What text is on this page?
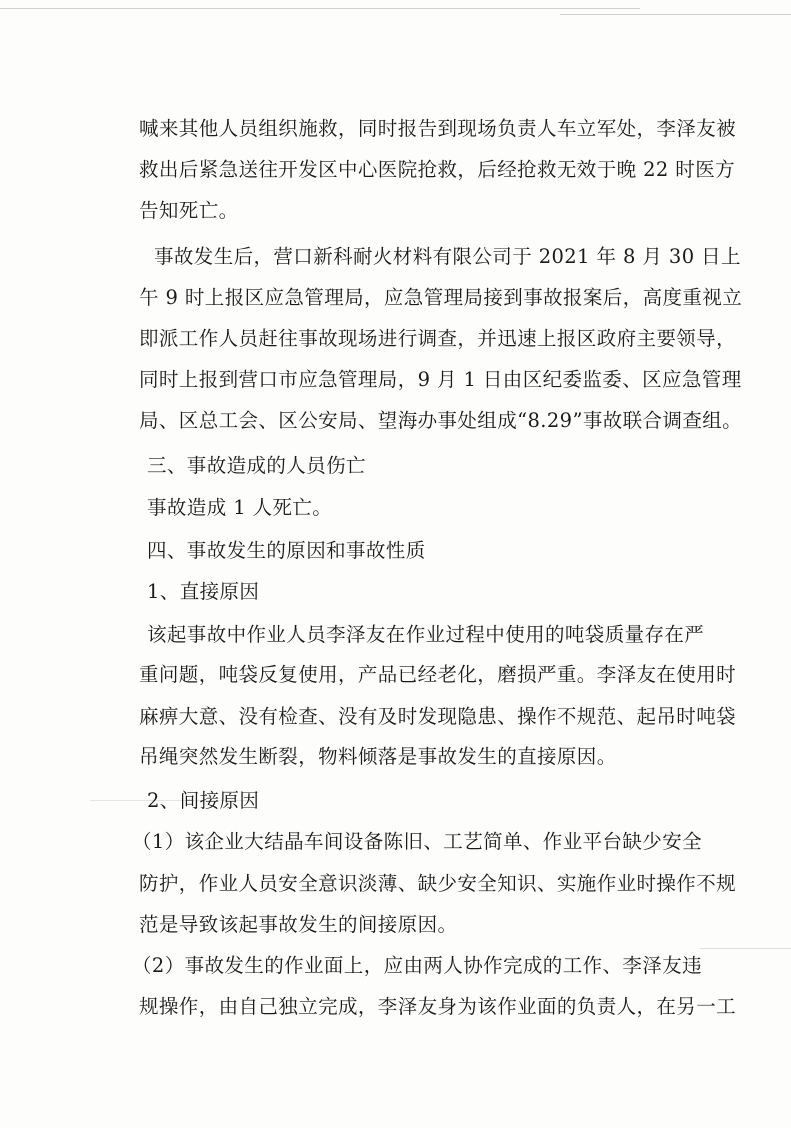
喊来其他人员组织施救，同时报告到现场负责人车立军处，李泽友被
救出后紧急送往开发区中心医院抢救，后经抢救无效于晚 22 时医方
告知死亡。
事故发生后，营口新科耐火材料有限公司于 2021 年 8 月 30 日上
午 9 时上报区应急管理局，应急管理局接到事故报案后，高度重视立
即派工作人员赶往事故现场进行调查，并迅速上报区政府主要领导，
同时上报到营口市应急管理局，9 月 1 日由区纪委监委、区应急管理
局、区总工会、区公安局、望海办事处组成“8.29”事故联合调查组。
三、事故造成的人员伤亡
事故造成 1 人死亡。
四、事故发生的原因和事故性质
1、直接原因
该起事故中作业人员李泽友在作业过程中使用的吨袋质量存在严
重问题，吨袋反复使用，产品已经老化，磨损严重。李泽友在使用时
麻痹大意、没有检查、没有及时发现隐患、操作不规范、起吊时吨袋
吊绳突然发生断裂，物料倾落是事故发生的直接原因。
2、间接原因
（1）该企业大结晶车间设备陈旧、工艺简单、作业平台缺少安全
防护，作业人员安全意识淡薄、缺少安全知识、实施作业时操作不规
范是导致该起事故发生的间接原因。
（2）事故发生的作业面上，应由两人协作完成的工作、李泽友违
规操作，由自己独立完成，李泽友身为该作业面的负责人，在另一工
